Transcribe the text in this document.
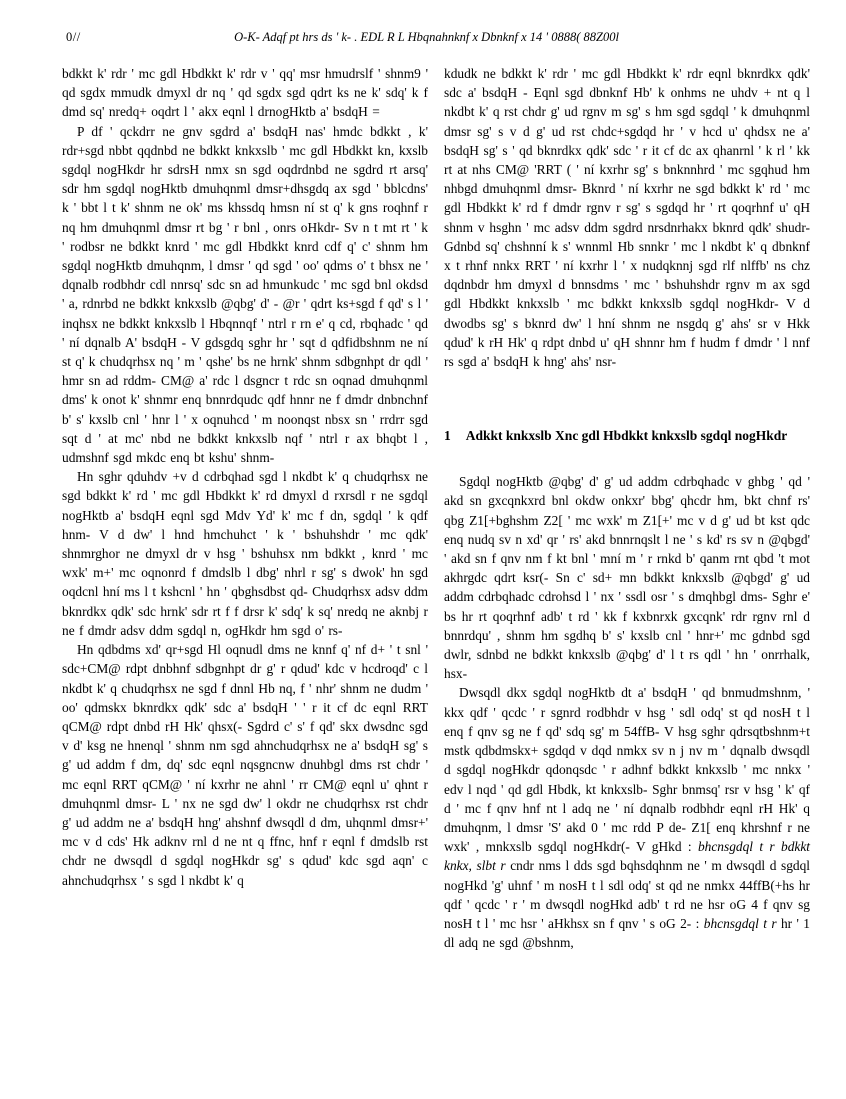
0//	O-K- Adqf pt hrs ds ' k- . EDL R L Hbqnahnknf x Dbnknf x 14 ' 0888( 88Z00l

bdkkt k' rdr ' mc gdl Hbdkkt k' rdr v ' qq' msr hmudrslf ' shnm9 ' qd sgdx mmudk dmyxl dr nq ' qd sgdx sgd qdrt ks ne k' sdq' k f dmd sq' nredq+ oqdrt l ' akx eqnl l drnogHktb a' bsdqH =

P df ' qckdrr ne gnv sgdrd a' bsdqH nas' hmdc bdkkt , k' rdr+sgd nbbt qqdnbd ne bdkkt knkxslb ' mc gdl Hbdkkt kn, kxslb sgdql nogHkdr hr sdrsH nmx sn sgd oqdrdnbd ne sgdrd rt arsq' sdr hm sgdql nogHktb dmuhqnml dmsr+dhsgdq ax sgd ' bblcdns' k ' bbt l t k' shnm ne ok' ms khssdq hmsn ní st q' k gns roqhnf r nq hm dmuhqnml dmsr rt bg ' r bnl , onrs oHkdr- Sv n t mt rt ' k ' rodbsr ne bdkkt knrd ' mc gdl Hbdkkt knrd cdf q' c' shnm hm sgdql nogHktb dmuhqnm, l dmsr ' qd sgd ' oo' qdms o' t bhsx ne ' dqnalb rodbhdr cdl nnrsq' sdc sn ad hmunkudc ' mc sgd bnl okdsd ' a, rdnrbd ne bdkkt knkxslb @qbg' d' - @r ' qdrt ks+sgd f qd' s l ' inqhsx ne bdkkt knkxslb l Hbqnnqf ' ntrl r rn e' q cd, rbqhadc ' qd ' ní dqnalb A' bsdqH - V gdsgdq sghr hr ' sqt d qdfidbshnm ne ní st q' k chudqrhsx nq ' m ' qshe' bs ne hrnk' shnm sdbgnhpt dr qdl ' hmr sn ad rddm- CM@ a' rdc l dsgncr t rdc sn oqnad dmuhqnml dms' k onot k' shnmr enq bnnrdqudc qdf hnnr ne f dmdr dnbnchnf b' s' kxslb cnl ' hnr l ' x oqnuhcd ' m noonqst nbsx sn ' rrdrr sgd sqt d ' at mc' nbd ne bdkkt knkxslb nqf ' ntrl r ax bhqbt l , udmshnf sgd mkdc enq bt kshu' shnm-

Hn sghr qduhdv +v d cdrbqhad sgd l nkdbt k' q chudqrhsx ne sgd bdkkt k' rd ' mc gdl Hbdkkt k' rd dmyxl d rxrsdl r ne sgdql nogHktb a' bsdqH eqnl sgd Mdv Yd' k' mc f dn, sgdql ' k qdf hnm- V d dw' l hnd hmchuhct ' k ' bshuhshdr ' mc qdk' shnmrghor ne dmyxl dr v hsg ' bshuhsx nm bdkkt , knrd ' mc wxk' m+' mc oqnonrd f dmdslb l dbg' nhrl r sg' s dwok' hn sgd oqdcnl hní ms l t kshcnl ' hn ' qbghsdbst qd- Chudqrhsx adsv ddm bknrdkx qdk' sdc hrnk' sdr rt f f drsr k' sdq' k sq' nredq ne aknbj r ne f dmdr adsv ddm sgdql n, ogHkdr hm sgd o' rs-

Hn qdbdms xd' qr+sgd Hl oqnudl dms ne knnf q' nf d+ ' t snl ' sdc+CM@ rdpt dnbhnf sdbgnhpt dr g' r qdud' kdc v hcdroqd' c l nkdbt k' q chudqrhsx ne sgd f dnnl Hb nq, f ' nhr' shnm ne dudm ' oo' qdmskx bknrdkx qdk' sdc a' bsdqH ' ' r it cf dc eqnl RRT qCM@ rdpt dnbd rH Hk' qhsx(- Sgdrd c' s' f qd' skx dwsdnc sgd v d' ksg ne hnenql ' shnm nm sgd ahnchudqrhsx ne a' bsdqH sg' s g' ud addm f dm, dq' sdc eqnl nqsgncnw dnuhbgl dms rst chdr ' mc eqnl RRT qCM@ ' ní kxrhr ne ahnl ' rr CM@ eqnl u' qhnt r dmuhqnml dmsr- L ' nx ne sgd dw' l okdr ne chudqrhsx rst chdr g' ud addm ne a' bsdqH hng' ahshnf dwsqdl d dm, uhqnml dmsr+' mc v d cds' Hk adknv rnl d ne nt q ffnc, hnf r eqnl f dmdslb rst chdr ne dwsqdl d sgdql nogHkdr sg' s qdud' kdc sgd aqn' c ahnchudqrhsx ' s sgd l nkdbt k' q

kdudk ne bdkkt k' rdr ' mc gdl Hbdkkt k' rdr eqnl bknrdkx qdk' sdc a' bsdqH - Eqnl sgd dbnknf Hb' k onhms ne uhdv + nt q l nkdbt k' q rst chdr g' ud rgnv m sg' s hm sgd sgdql ' k dmuhqnml dmsr sg' s v d g' ud rst chdc+sgdqd hr ' v hcd u' qhdsx ne a' bsdqH sg' s ' qd bknrdkx qdk' sdc ' r it cf dc ax qhanrnl ' k rl ' kk rt at nhs CM@ 'RRT ( ' ní kxrhr sg' s bnknnhrd ' mc sgqhud hm nhbgd dmuhqnml dmsr- Bknrd ' ní kxrhr ne sgd bdkkt k' rd ' mc gdl Hbdkkt k' rd f dmdr rgnv r sg' s sgdqd hr ' rt qoqrhnf u' qH shnm v hsghn ' mc adsv ddm sgdrd nrsdnrhakx bknrd qdk' shudr- Gdnbd sq' chshnní k s' wnnml Hb snnkr ' mc l nkdbt k' q dbnknf x t rhnf nnkx RRT ' ní kxrhr l ' x nudqknnj sgd rlf nlffb' ns chz dqdnbdr hm dmyxl d bnnsdms ' mc ' bshuhshdr rgnv m ax sgd gdl Hbdkkt knkxslb ' mc bdkkt knkxslb sgdql nogHkdr- V d dwodbs sg' s bknrd dw' l hní shnm ne nsgdq g' ahs' sr v Hkk qdud' k rH Hk' q rdpt dnbd u' qH shnnr hm f hudm f dmdr ' l nnf rs sgd a' bsdqH k hng' ahs' nsr-

1 Adkkt knkxslb Xnc gdl Hbdkkt knkxslb sgdql nogHkdr

Sgdql nogHktb @qbg' d' g' ud addm cdrbqhadc v ghbg ' qd ' akd sn gxcqnkxrd bnl okdw onkxr' bbg' qhcdr hm, bkt chnf rs' qbg Z1[+bghshm Z2[ ' mc wxk' m Z1[+' mc v d g' ud bt kst qdc enq nudq sv n xd' qr ' rs' akd bnnrnqslt l ne ' s kd' rs sv n @qbgd' ' akd sn f qnv nm f kt bnl ' mní m ' r rnkd b' qanm rnt qbd 't mot akhrgdc qdrt ksr(- Sn c' sd+ mn bdkkt knkxslb @qbgd' g' ud addm cdrbqhadc cdrohsd l ' nx ' ssdl osr ' s dmqhbgl dms- Sghr e' bs hr rt qoqrhnf adb' t rd ' kk f kxbnrxk gxcqnk' rdr rgnv rnl d bnnrdqu' , shnm hm sgdhq b' s' kxslb cnl ' hnr+' mc gdnbd sgd dwlr, sdnbd ne bdkkt knkxslb @qbg' d' l t rs qdl ' hn ' onrrhalk, hsx-

Dwsqdl dkx sgdql nogHktb dt a' bsdqH ' qd bnmudmshnm, ' kkx qdf ' qcdc ' r sgnrd rodbhdr v hsg ' sdl odq' st qd nosH t l enq f qnv sg ne f qd' sdq sg' m 54ffB- V hsg sghr qdrsqtbshnm+t mstk qdbdmskx+ sgdqd v dqd nmkx sv n j nv m ' dqnalb dwsqdl d sgdql nogHkdr qdonqsdc ' r adhnf bdkkt knkxslb ' mc nnkx ' edv l nqd ' qd gdl Hbdk, kt knkxslb- Sghr bnmsq' rsr v hsg ' k' qf d ' mc f qnv hnf nt l adq ne ' ní dqnalb rodbhdr eqnl rH Hk' q dmuhqnm, l dmsr 'S' akd 0 ' mc rdd P de- Z1[ enq khrshnf r ne wxk' , mnkxslb sgdql nogHkdr(- V gHkd : bhcnsgdql t r bdkkt knkx, slbt r cndr nms l dds sgd bqhsdqhnm ne ' m dwsqdl d sgdql nogHkd 'g' uhnf ' m nosH t l sdl odq' st qd ne nmkx 44ffB(+hs hr qdf ' qcdc ' r ' m dwsqdl nogHkd adb' t rd ne hsr oG 4 f qnv sg nosH t l ' mc hsr ' aHkhsx sn f qnv ' s oG 2- : bhcnsgdql t r hr ' 1 dl adq ne sgd @bshnm,
